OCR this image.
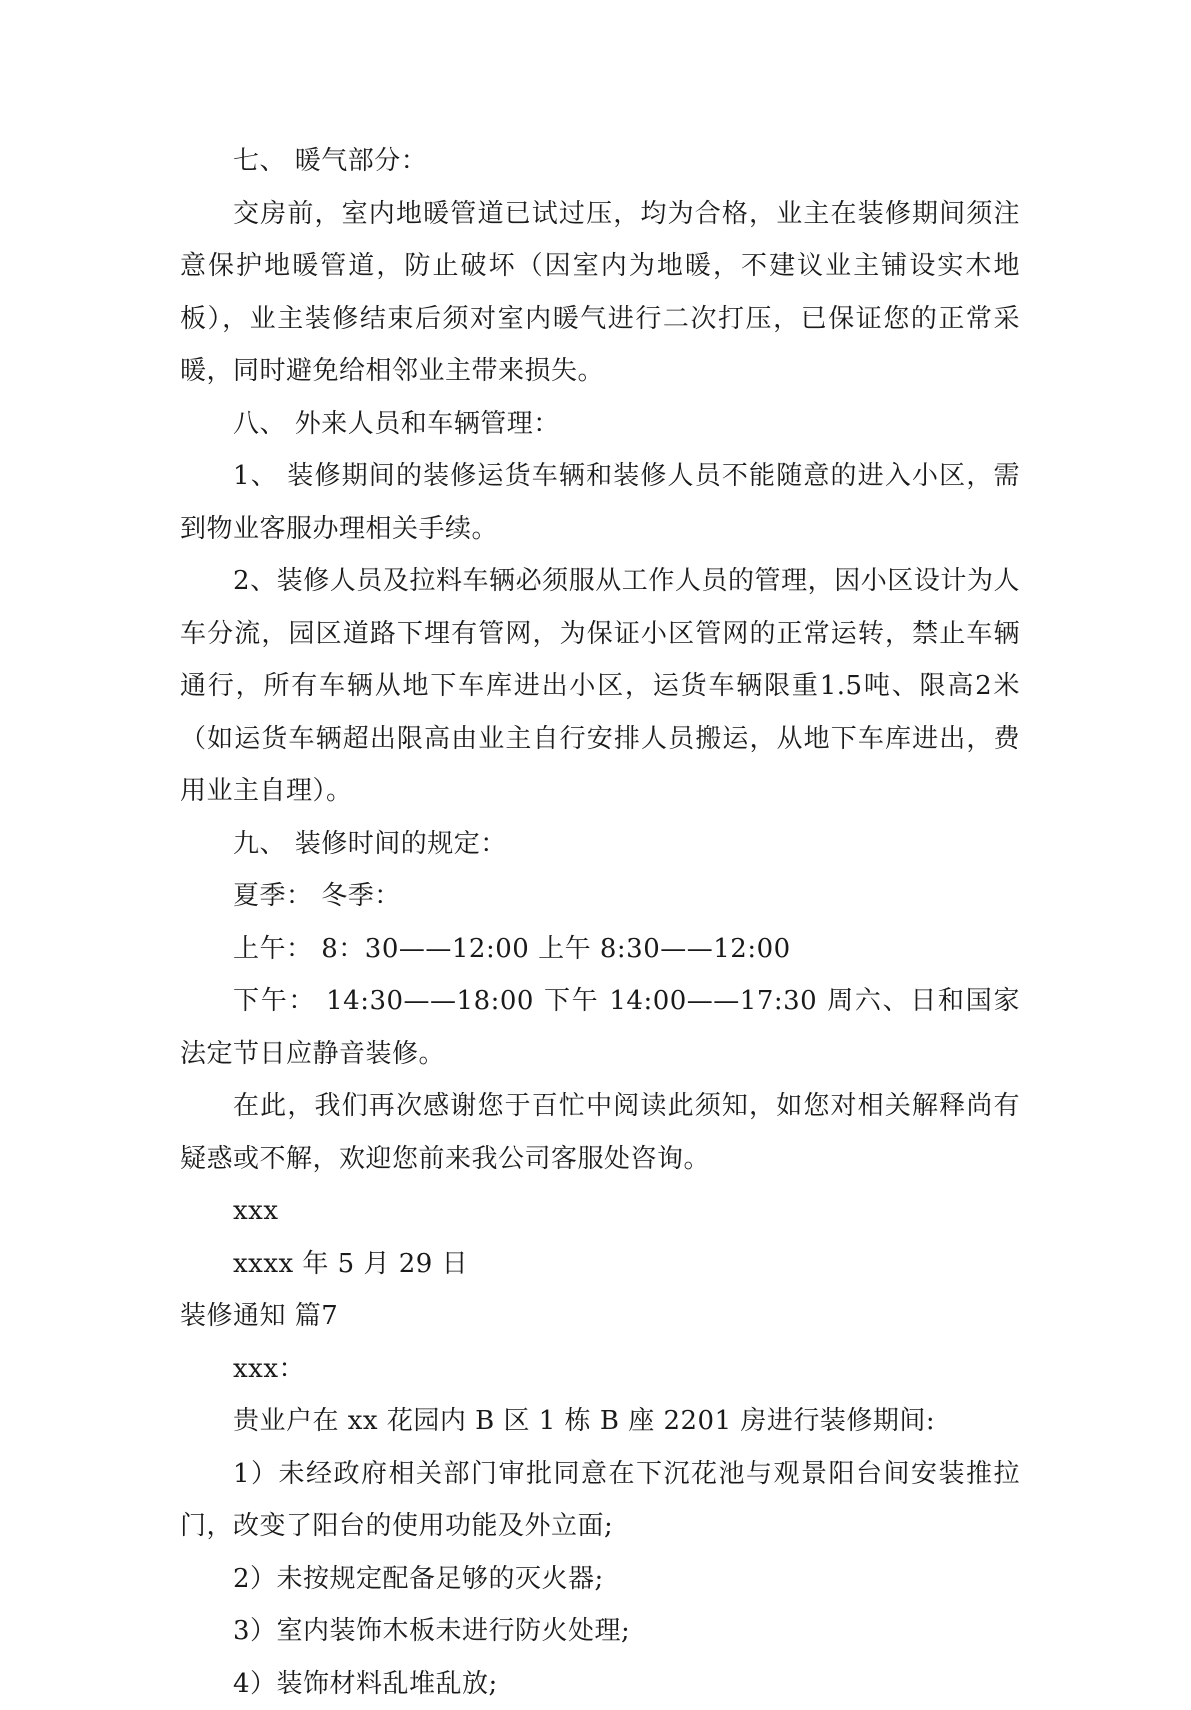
七、 暖气部分：

交房前，室内地暖管道已试过压，均为合格，业主在装修期间须注意保护地暖管道，防止破坏（因室内为地暖，不建议业主铺设实木地板），业主装修结束后须对室内暖气进行二次打压，已保证您的正常采暖，同时避免给相邻业主带来损失。

八、 外来人员和车辆管理：

1、 装修期间的装修运货车辆和装修人员不能随意的进入小区，需到物业客服办理相关手续。

2、装修人员及拉料车辆必须服从工作人员的管理，因小区设计为人车分流，园区道路下埋有管网，为保证小区管网的正常运转，禁止车辆通行，所有车辆从地下车库进出小区，运货车辆限重1.5吨、限高2米（如运货车辆超出限高由业主自行安排人员搬运，从地下车库进出，费用业主自理）。

九、 装修时间的规定：

夏季： 冬季：

上午： 8：30——12:00 上午 8:30——12:00

下午： 14:30——18:00 下午 14:00——17:30 周六、日和国家法定节日应静音装修。

在此，我们再次感谢您于百忙中阅读此须知，如您对相关解释尚有疑惑或不解，欢迎您前来我公司客服处咨询。

xxx

xxxx 年 5 月 29 日

装修通知 篇7

xxx：

贵业户在 xx 花园内 B 区 1 栋 B 座 2201 房进行装修期间:

1）未经政府相关部门审批同意在下沉花池与观景阳台间安装推拉门，改变了阳台的使用功能及外立面;

2）未按规定配备足够的灭火器;

3）室内装饰木板未进行防火处理;

4）装饰材料乱堆乱放;
